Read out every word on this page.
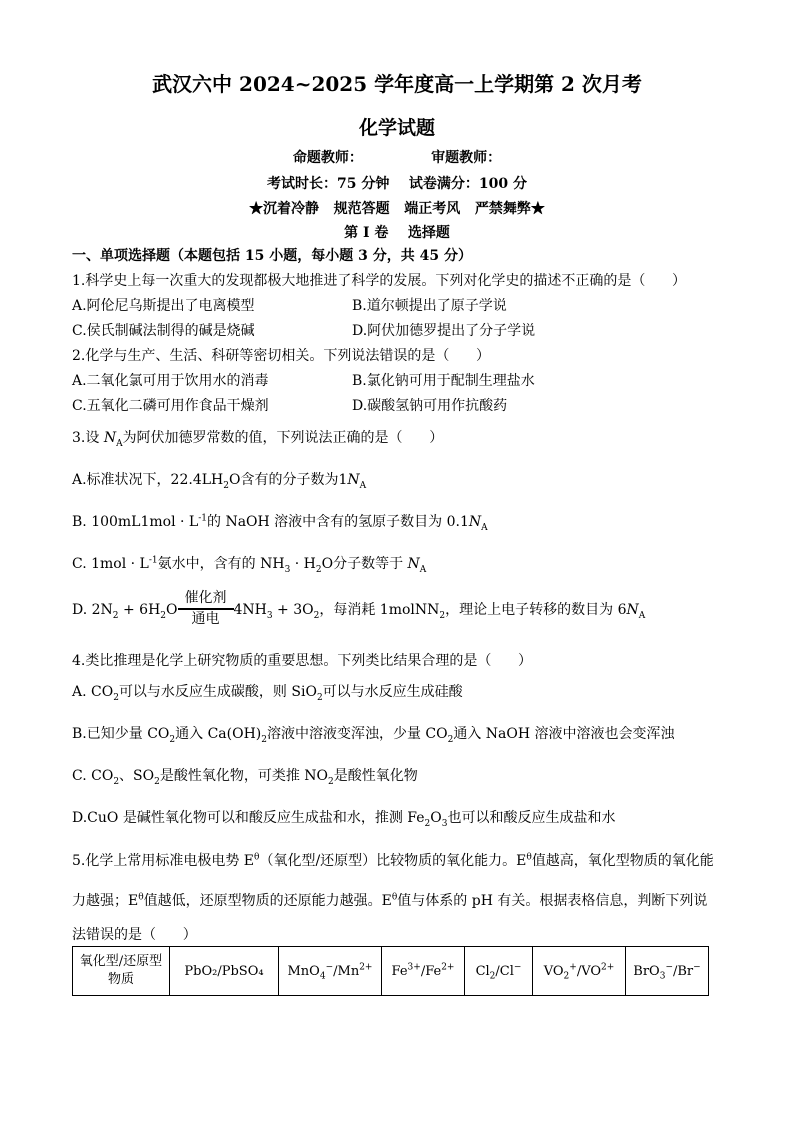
武汉六中 2024~2025 学年度高一上学期第 2 次月考
化学试题
命题教师：              审题教师：
考试时长：75 分钟    试卷满分：100 分
★沉着冷静   规范答题   端正考风   严禁舞弊★
第 I 卷    选择题
一、单项选择题（本题包括 15 小题，每小题 3 分，共 45 分）
1.科学史上每一次重大的发现都极大地推进了科学的发展。下列对化学史的描述不正确的是（      ）
A.阿伦尼乌斯提出了电离模型	B.道尔顿提出了原子学说
C.侯氏制碱法制得的碱是烧碱	D.阿伏加德罗提出了分子学说
2.化学与生产、生活、科研等密切相关。下列说法错误的是（      ）
A.二氧化氯可用于饮用水的消毒	B.氯化钠可用于配制生理盐水
C.五氧化二磷可用作食品干燥剂	D.碳酸氢钠可用作抗酸药
3.设 $N_A$为阿伏加德罗常数的值，下列说法正确的是（      ）
A.标准状况下，$22.4LH_2O$含有的分子数为$1N_A$
B. $100mL1mol \cdot L^{-1}$的 NaOH 溶液中含有的氢原子数目为 $0.1N_A$
C. $1mol \cdot L^{-1}$氨水中，含有的 $NH_3 \cdot H_2O$分子数等于 $N_A$
D. $2N_2 + 6H_2O \frac{\text{催化剂}}{\text{通电}} 4NH_3 + 3O_2$，每消耗 1molNN$_2$，理论上电子转移的数目为 $6N_A$
4.类比推理是化学上研究物质的重要思想。下列类比结果合理的是（      ）
A. $CO_2$可以与水反应生成碳酸，则 SiO$_2$可以与水反应生成硅酸
B.已知少量 $CO_2$通入 $Ca(OH)_2$溶液中溶液变浑浊，少量 $CO_2$通入 NaOH 溶液中溶液也会变浑浊
C. $CO_2$、$SO_2$是酸性氧化物，可类推 $NO_2$是酸性氧化物
D.CuO 是碱性氧化物可以和酸反应生成盐和水，推测 $Fe_2O_3$也可以和酸反应生成盐和水
5.化学上常用标准电极电势 $E^\theta$（氧化型/还原型）比较物质的氧化能力。$E^\theta$值越高，氧化型物质的氧化能
力越强；$E^\theta$值越低，还原型物质的还原能力越强。$E^\theta$值与体系的 pH 有关。根据表格信息，判断下列说
法错误的是（      ）
氧化型/还原型
物质
	PbO₂/PbSO₄	$MnO_4^-/Mn^{2+}$	$Fe^{3+}/Fe^{2+}$	$Cl_2/Cl^-$	$VO_2^+/VO^{2+}$	BrO$_3$−/Br−
